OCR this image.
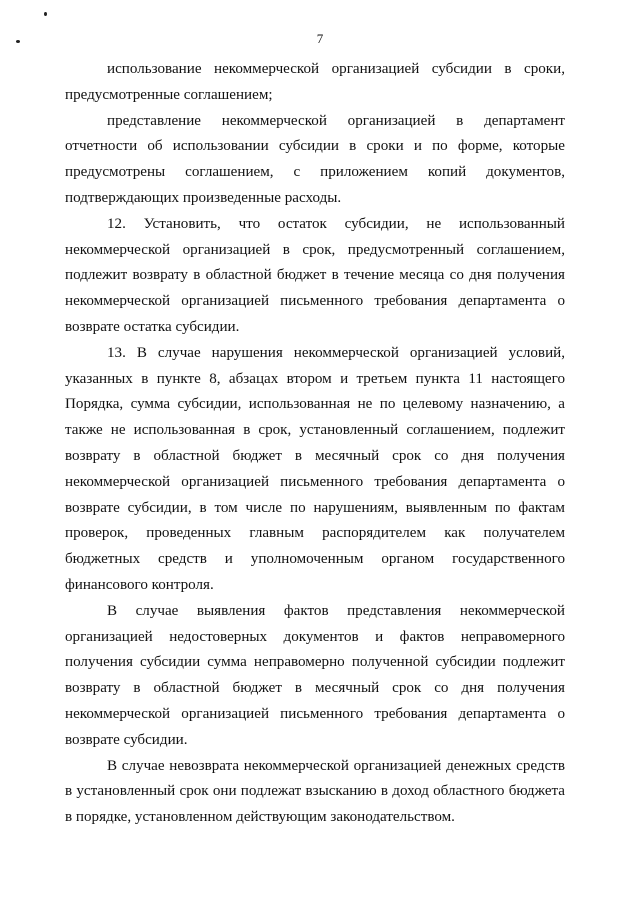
7

использование некоммерческой организацией субсидии в сроки, предусмотренные соглашением;

представление некоммерческой организацией в департамент отчетности об использовании субсидии в сроки и по форме, которые предусмотрены соглашением, с приложением копий документов, подтверждающих произведенные расходы.

12. Установить, что остаток субсидии, не использованный некоммерческой организацией в срок, предусмотренный соглашением, подлежит возврату в областной бюджет в течение месяца со дня получения некоммерческой организацией письменного требования департамента о возврате остатка субсидии.

13. В случае нарушения некоммерческой организацией условий, указанных в пункте 8, абзацах втором и третьем пункта 11 настоящего Порядка, сумма субсидии, использованная не по целевому назначению, а также не использованная в срок, установленный соглашением, подлежит возврату в областной бюджет в месячный срок со дня получения некоммерческой организацией письменного требования департамента о возврате субсидии, в том числе по нарушениям, выявленным по фактам проверок, проведенных главным распорядителем как получателем бюджетных средств и уполномоченным органом государственного финансового контроля.

В случае выявления фактов представления некоммерческой организацией недостоверных документов и фактов неправомерного получения субсидии сумма неправомерно полученной субсидии подлежит возврату в областной бюджет в месячный срок со дня получения некоммерческой организацией письменного требования департамента о возврате субсидии.

В случае невозврата некоммерческой организацией денежных средств в установленный срок они подлежат взысканию в доход областного бюджета в порядке, установленном действующим законодательством.
